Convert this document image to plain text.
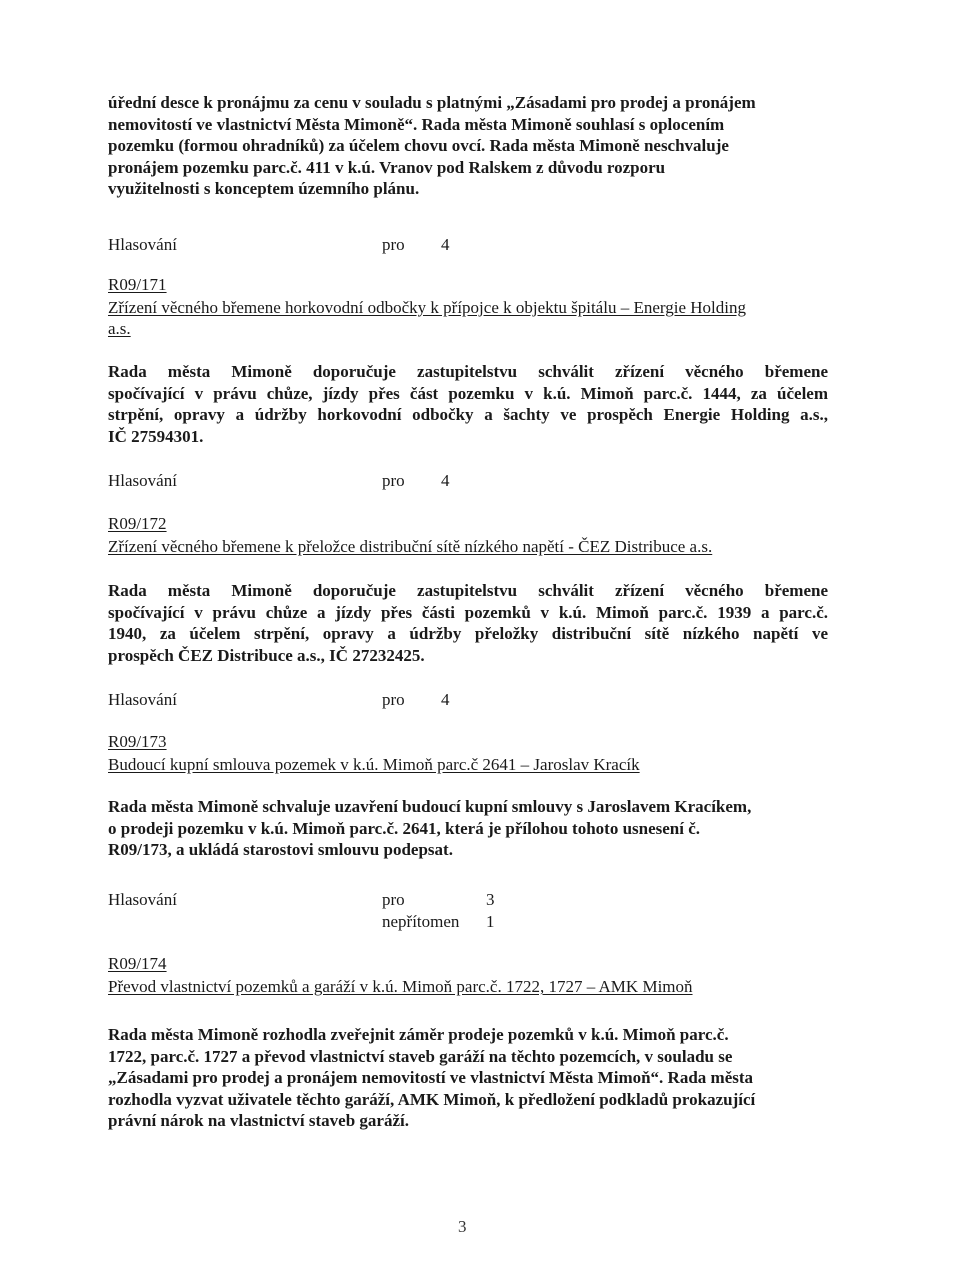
úřední desce k pronájmu za cenu v souladu s platnými „Zásadami pro prodej a pronájem
nemovitostí ve vlastnictví Města Mimoně“. Rada města Mimoně souhlasí s oplocením
pozemku (formou ohradníků) za účelem chovu ovcí. Rada města Mimoně neschvaluje
pronájem pozemku parc.č. 411 v k.ú. Vranov pod Ralskem z důvodu rozporu
využitelnosti s konceptem územního plánu.
Hlasování	pro 4
R09/171
Zřízení věcného břemene horkovodní odbočky k přípojce k objektu špitálu – Energie Holding
a.s.
Rada města Mimoně doporučuje zastupitelstvu schválit zřízení věcného břemene
spočívající v právu chůze, jízdy přes část pozemku v k.ú. Mimoň parc.č. 1444, za účelem
strpění, opravy a údržby horkovodní odbočky a šachty ve prospěch Energie Holding a.s.,
IČ 27594301.
Hlasování	pro 4
R09/172
Zřízení věcného břemene k přeložce distribuční sítě nízkého napětí - ČEZ Distribuce a.s.
Rada města Mimoně doporučuje zastupitelstvu schválit zřízení věcného břemene
spočívající v právu chůze a jízdy přes části pozemků v k.ú. Mimoň parc.č. 1939 a parc.č.
1940, za účelem strpění, opravy a údržby přeložky distribuční sítě nízkého napětí ve
prospěch ČEZ Distribuce a.s., IČ 27232425.
Hlasování	pro 4
R09/173
Budoucí kupní smlouva pozemek v k.ú. Mimoň parc.č 2641 – Jaroslav Kracík
Rada města Mimoně schvaluje uzavření budoucí kupní smlouvy s Jaroslavem Kracíkem,
o prodeji pozemku v k.ú. Mimoň parc.č. 2641, která je přílohou tohoto usnesení č.
R09/173, a ukládá starostovi smlouvu podepsat.
Hlasování	pro	3
nepřítomen 1
R09/174
Převod vlastnictví pozemků a garáží v k.ú. Mimoň parc.č. 1722, 1727 – AMK Mimoň
Rada města Mimoně rozhodla zveřejnit záměr prodeje pozemků v k.ú. Mimoň parc.č.
1722, parc.č. 1727 a převod vlastnictví staveb garáží na těchto pozemcích, v souladu se
„Zásadami pro prodej a pronájem nemovitostí ve vlastnictví Města Mimoň“. Rada města
rozhodla vyzvat uživatele těchto garáží, AMK Mimoň, k předložení podkladů prokazující
právní nárok na vlastnictví staveb garáží.
3
